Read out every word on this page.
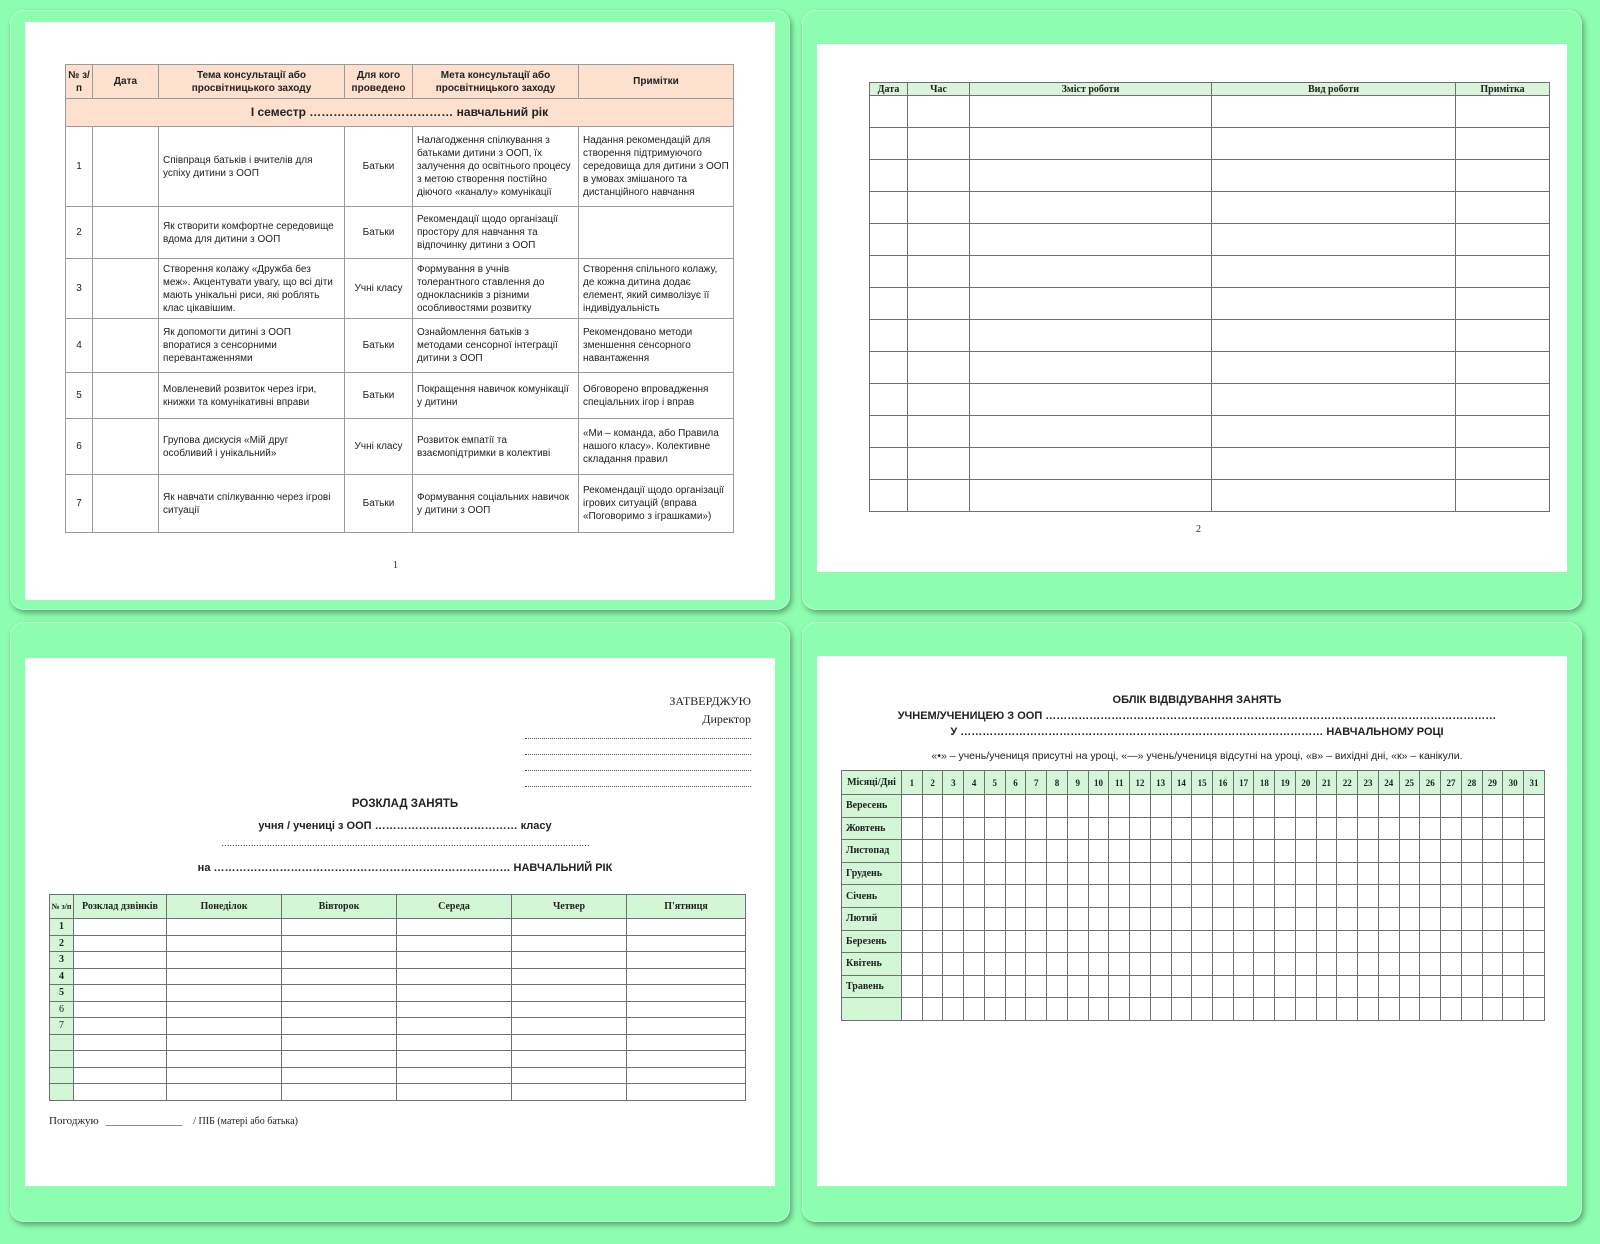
№ з/п	Дата	Тема консультації або просвітницького заходу	Для кого проведено	Мета консультації або просвітницького заходу	Примітки
І семестр ……………………………… навчальний рік					
1		Співпраця батьків і вчителів для успіху дитини з ООП	Батьки	Налагодження спілкування з батьками дитини з ООП, їх залучення до освітнього процесу з метою створення постійно діючого «каналу» комунікації	Надання рекомендацій для створення підтримуючого середовища для дитини з ООП в умовах змішаного та дистанційного навчання
2		Як створити комфортне середовище вдома для дитини з ООП	Батьки	Рекомендації щодо організації простору для навчання та відпочинку дитини з ООП	
3		Створення колажу «Дружба без меж». Акцентувати увагу, що всі діти мають унікальні риси, які роблять клас цікавішим.	Учні класу	Формування в учнів толерантного ставлення до однокласників з різними особливостями розвитку	Створення спільного колажу, де кожна дитина додає елемент, який символізує її індивідуальність
4		Як допомогти дитині з ООП впоратися з сенсорними перевантаженнями	Батьки	Ознайомлення батьків з методами сенсорної інтеграції дитини з ООП	Рекомендовано методи зменшення сенсорного навантаження
5		Мовленевий розвиток через ігри, книжки та комунікативні вправи	Батьки	Покращення навичок комунікації у дитини	Обговорено впровадження спеціальних ігор і вправ
6		Групова дискусія «Мій друг особливий і унікальний»	Учні класу	Розвиток емпатії та взаємопідтримки в колективі	«Ми – команда, або Правила нашого класу». Колективне складання правил
7		Як навчати спілкуванню через ігрові ситуації	Батьки	Формування соціальних навичок у дитини з ООП	Рекомендації щодо організації ігрових ситуацій (вправа «Поговоримо з іграшками»)
1
Дата	Час	Зміст роботи	Вид роботи	Примітка

2
ЗАТВЕРДЖУЮ
Директор
РОЗКЛАД ЗАНЯТЬ
учня / учениці з ООП ………………………………… класу
…………………………………………………………………………………………………………………………
на ……………………………………………………………………… НАВЧАЛЬНИЙ РІК
№ з/п	Розклад дзвінків	Понеділок	Вівторок	Середа	Четвер	П'ятниця
1						
2						
3						
4						
5						
6						
7						

Погоджую ______________ / ПІБ (матері або батька)
ОБЛІК ВІДВІДУВАННЯ ЗАНЯТЬ
УЧНЕМ/УЧЕНИЦЕЮ З ООП ……………………………………………………………………………………………………………
У ……………………………………………………………………………………… НАВЧАЛЬНОМУ РОЦІ
«•» – учень/учениця присутні на уроці, «—» учень/учениця відсутні на уроці, «в» – вихідні дні, «к» – канікули.
Місяці/Дні	1	2	3	4	5	6	7	8	9	10	11	12	13	14	15	16	17	18	19	20	21	22	23	24	25	26	27	28	29	30	31
Вересень																															
Жовтень																															
Листопад																															
Грудень																															
Січень																															
Лютий																															
Березень																															
Квітень																															
Травень																															
